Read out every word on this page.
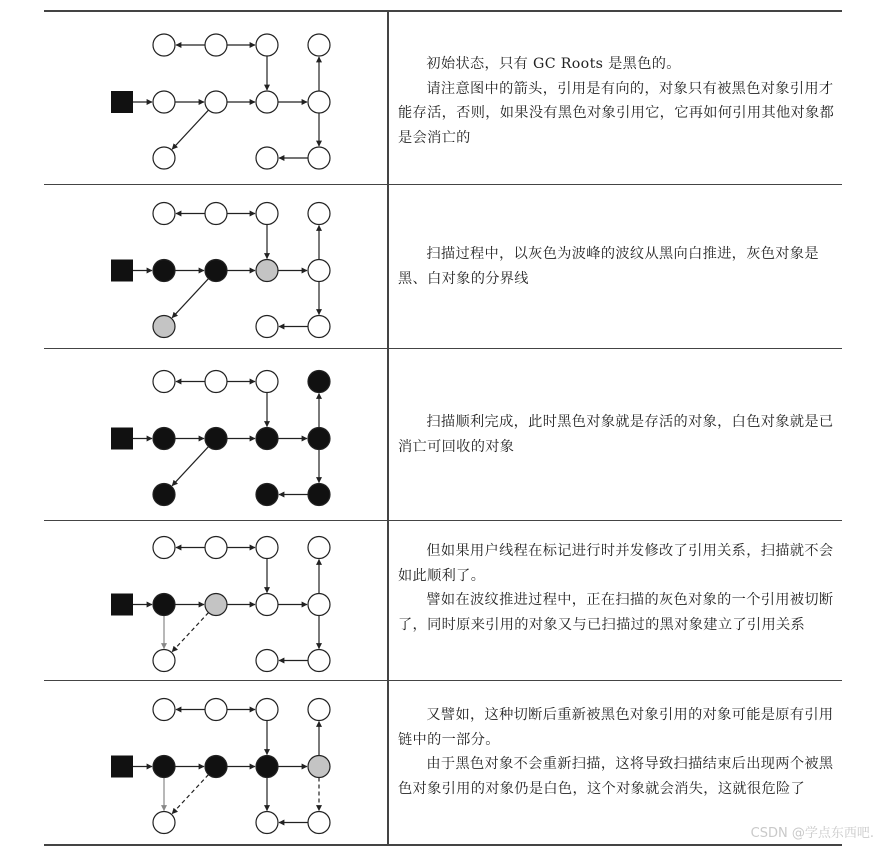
初始状态，只有 GC Roots 是黑色的。

请注意图中的箭头，引用是有向的，对象只有被黑色对象引用才能存活，否则，如果没有黑色对象引用它，它再如何引用其他对象都是会消亡的

扫描过程中，以灰色为波峰的波纹从黑向白推进，灰色对象是黑、白对象的分界线

扫描顺利完成，此时黑色对象就是存活的对象，白色对象就是已消亡可回收的对象

但如果用户线程在标记进行时并发修改了引用关系，扫描就不会如此顺利了。

譬如在波纹推进过程中，正在扫描的灰色对象的一个引用被切断了，同时原来引用的对象又与已扫描过的黑对象建立了引用关系

又譬如，这种切断后重新被黑色对象引用的对象可能是原有引用链中的一部分。

由于黑色对象不会重新扫描，这将导致扫描结束后出现两个被黑色对象引用的对象仍是白色，这个对象就会消失，这就很危险了

CSDN @学点东西吧.
